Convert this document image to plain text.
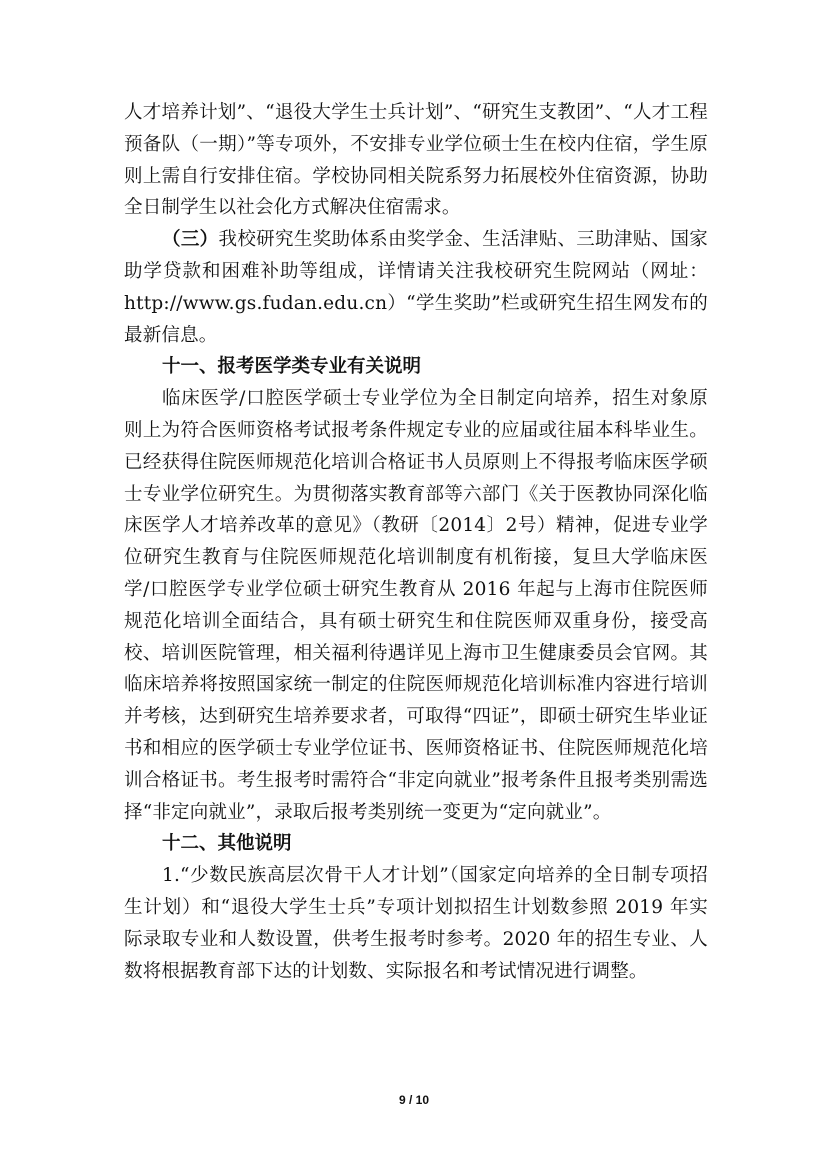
人才培养计划”、“退役大学生士兵计划”、“研究生支教团”、“人才工程预备队（一期）”等专项外，不安排专业学位硕士生在校内住宿，学生原则上需自行安排住宿。学校协同相关院系努力拓展校外住宿资源，协助全日制学生以社会化方式解决住宿需求。

（三）我校研究生奖助体系由奖学金、生活津贴、三助津贴、国家助学贷款和困难补助等组成，详情请关注我校研究生院网站（网址：http://www.gs.fudan.edu.cn）“学生奖助”栏或研究生招生网发布的最新信息。

十一、报考医学类专业有关说明

临床医学/口腔医学硕士专业学位为全日制定向培养，招生对象原则上为符合医师资格考试报考条件规定专业的应届或往届本科毕业生。已经获得住院医师规范化培训合格证书人员原则上不得报考临床医学硕士专业学位研究生。为贯彻落实教育部等六部门《关于医教协同深化临床医学人才培养改革的意见》（教研〔2014〕2号）精神，促进专业学位研究生教育与住院医师规范化培训制度有机衔接，复旦大学临床医学/口腔医学专业学位硕士研究生教育从 2016 年起与上海市住院医师规范化培训全面结合，具有硕士研究生和住院医师双重身份，接受高校、培训医院管理，相关福利待遇详见上海市卫生健康委员会官网。其临床培养将按照国家统一制定的住院医师规范化培训标准内容进行培训并考核，达到研究生培养要求者，可取得“四证”，即硕士研究生毕业证书和相应的医学硕士专业学位证书、医师资格证书、住院医师规范化培训合格证书。考生报考时需符合“非定向就业”报考条件且报考类别需选择“非定向就业”，录取后报考类别统一变更为“定向就业”。

十二、其他说明

1.“少数民族高层次骨干人才计划”（国家定向培养的全日制专项招生计划）和“退役大学生士兵”专项计划拟招生计划数参照 2019 年实际录取专业和人数设置，供考生报考时参考。2020 年的招生专业、人数将根据教育部下达的计划数、实际报名和考试情况进行调整。

9 / 10
